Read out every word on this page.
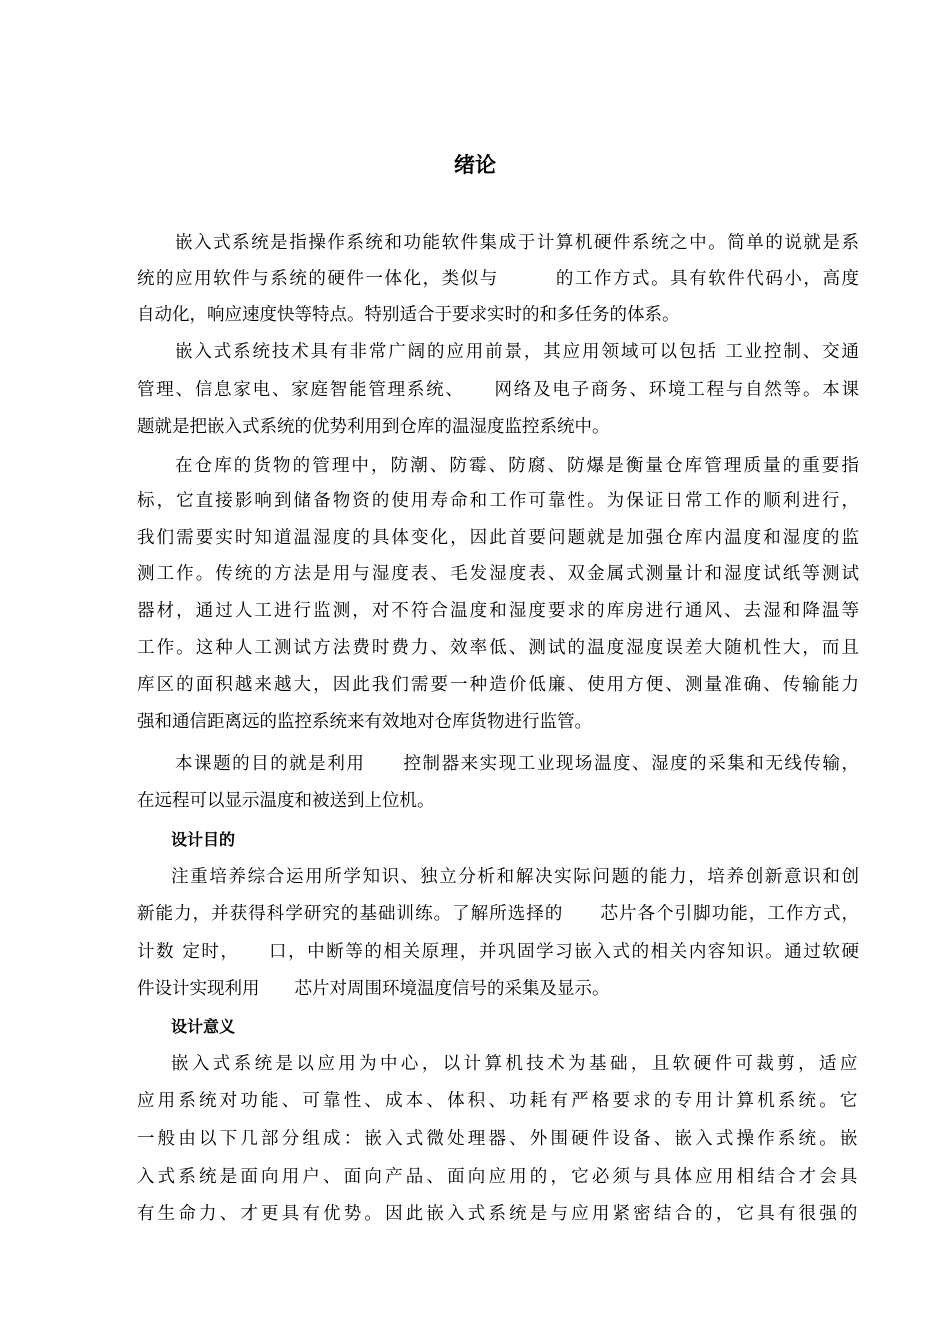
绪论
嵌入式系统是指操作系统和功能软件集成于计算机硬件系统之中。简单的说就是系
统的应用软件与系统的硬件一体化，类似与　　　的工作方式。具有软件代码小，高度
自动化，响应速度快等特点。特别适合于要求实时的和多任务的体系。
嵌入式系统技术具有非常广阔的应用前景，其应用领域可以包括 工业控制、交通
管理、信息家电、家庭智能管理系统、　　网络及电子商务、环境工程与自然等。本课
题就是把嵌入式系统的优势利用到仓库的温湿度监控系统中。
在仓库的货物的管理中，防潮、防霉、防腐、防爆是衡量仓库管理质量的重要指
标，它直接影响到储备物资的使用寿命和工作可靠性。为保证日常工作的顺利进行，
我们需要实时知道温湿度的具体变化，因此首要问题就是加强仓库内温度和湿度的监
测工作。传统的方法是用与湿度表、毛发湿度表、双金属式测量计和湿度试纸等测试
器材，通过人工进行监测，对不符合温度和湿度要求的库房进行通风、去湿和降温等
工作。这种人工测试方法费时费力、效率低、测试的温度湿度误差大随机性大，而且
库区的面积越来越大，因此我们需要一种造价低廉、使用方便、测量准确、传输能力
强和通信距离远的监控系统来有效地对仓库货物进行监管。
本课题的目的就是利用　　控制器来实现工业现场温度、湿度的采集和无线传输，
在远程可以显示温度和被送到上位机。
设计目的
注重培养综合运用所学知识、独立分析和解决实际问题的能力，培养创新意识和创
新能力，并获得科学研究的基础训练。了解所选择的　　芯片各个引脚功能，工作方式，
计数 定时，　　口，中断等的相关原理，并巩固学习嵌入式的相关内容知识。通过软硬
件设计实现利用　　芯片对周围环境温度信号的采集及显示。
设计意义
嵌入式系统是以应用为中心，以计算机技术为基础，且软硬件可裁剪，适应
应用系统对功能、可靠性、成本、体积、功耗有严格要求的专用计算机系统。它
一般由以下几部分组成：嵌入式微处理器、外围硬件设备、嵌入式操作系统。嵌
入式系统是面向用户、面向产品、面向应用的，它必须与具体应用相结合才会具
有生命力、才更具有优势。因此嵌入式系统是与应用紧密结合的，它具有很强的
